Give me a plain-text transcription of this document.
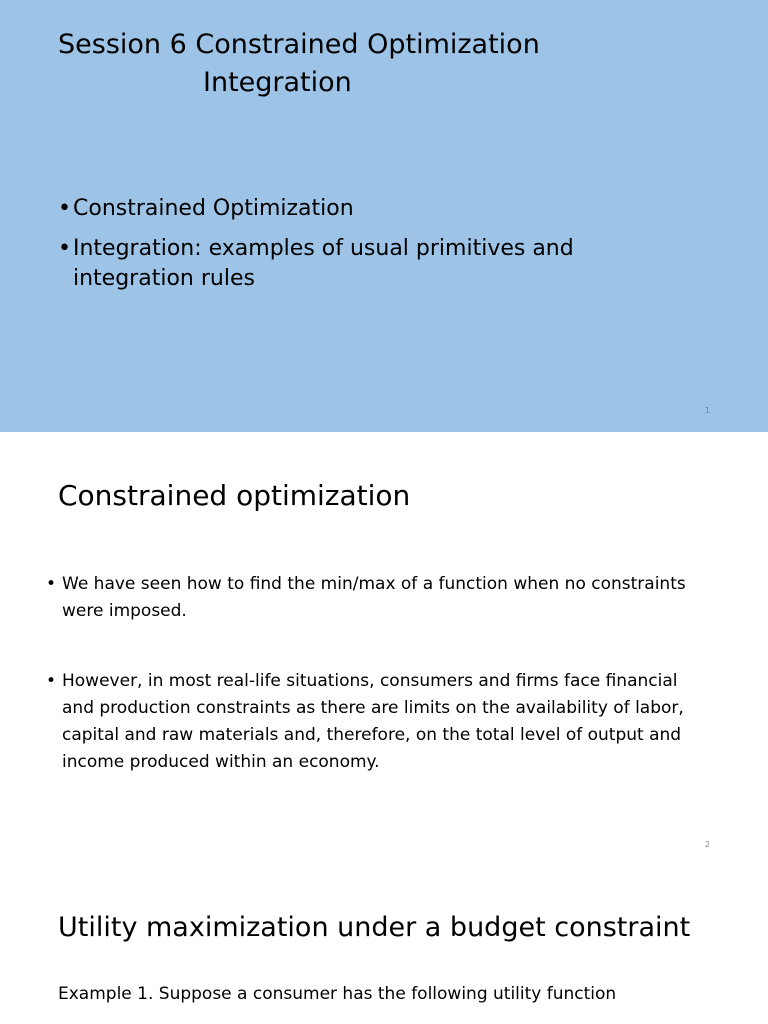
Session 6 Constrained Optimization
Integration
• Constrained Optimization
• Integration: examples of usual primitives and integration rules
1
Constrained optimization
• We have seen how to find the min/max of a function when no constraints were imposed.
• However, in most real-life situations, consumers and firms face financial and production constraints as there are limits on the availability of labor, capital and raw materials and, therefore, on the total level of output and income produced within an economy.
2
Utility maximization under a budget constraint

Example 1. Suppose a consumer has the following utility function
